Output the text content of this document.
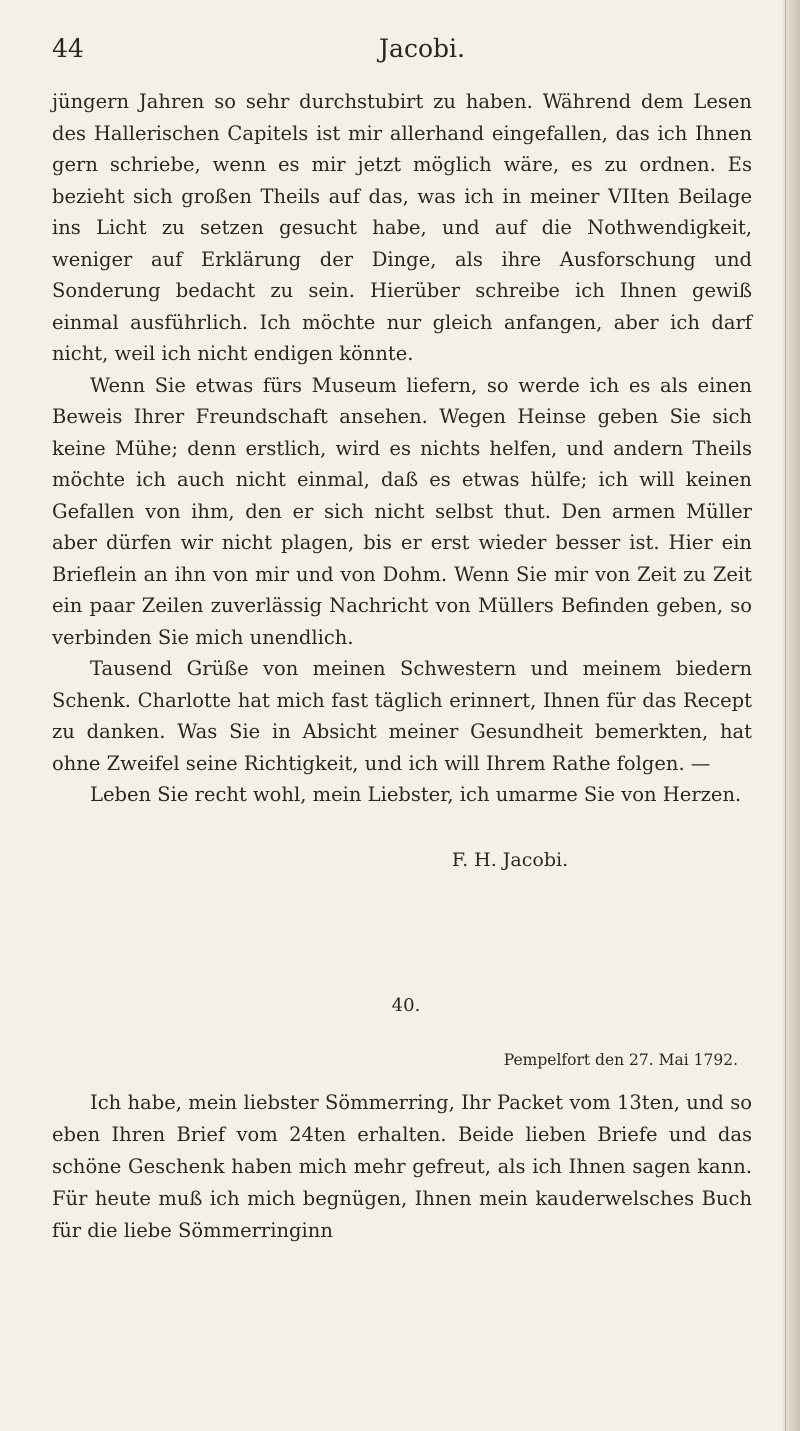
44	Jacobi.

jüngern Jahren so sehr durchstubirt zu haben. Während dem Lesen des Hallerischen Capitels ist mir allerhand eingefallen, das ich Ihnen gern schriebe, wenn es mir jetzt möglich wäre, es zu ordnen. Es bezieht sich großen Theils auf das, was ich in meiner VIIten Beilage ins Licht zu setzen gesucht habe, und auf die Nothwendigkeit, weniger auf Erklärung der Dinge, als ihre Ausforschung und Sonderung bedacht zu sein. Hierüber schreibe ich Ihnen gewiß einmal ausführlich. Ich möchte nur gleich anfangen, aber ich darf nicht, weil ich nicht endigen könnte.

Wenn Sie etwas fürs Museum liefern, so werde ich es als einen Beweis Ihrer Freundschaft ansehen. Wegen Heinse geben Sie sich keine Mühe; denn erstlich, wird es nichts helfen, und andern Theils möchte ich auch nicht einmal, daß es etwas hülfe; ich will keinen Gefallen von ihm, den er sich nicht selbst thut. Den armen Müller aber dürfen wir nicht plagen, bis er erst wieder besser ist. Hier ein Brieflein an ihn von mir und von Dohm. Wenn Sie mir von Zeit zu Zeit ein paar Zeilen zuverlässig Nachricht von Müllers Befinden geben, so verbinden Sie mich unendlich.

Tausend Grüße von meinen Schwestern und meinem biedern Schenk. Charlotte hat mich fast täglich erinnert, Ihnen für das Recept zu danken. Was Sie in Absicht meiner Gesundheit bemerkten, hat ohne Zweifel seine Richtigkeit, und ich will Ihrem Rathe folgen. —

Leben Sie recht wohl, mein Liebster, ich umarme Sie von Herzen.

F. H. Jacobi.
40.
Pempelfort den 27. Mai 1792.

Ich habe, mein liebster Sömmerring, Ihr Packet vom 13ten, und so eben Ihren Brief vom 24ten erhalten. Beide lieben Briefe und das schöne Geschenk haben mich mehr gefreut, als ich Ihnen sagen kann. Für heute muß ich mich begnügen, Ihnen mein kauderwelsches Buch für die liebe Sömmerringinn
